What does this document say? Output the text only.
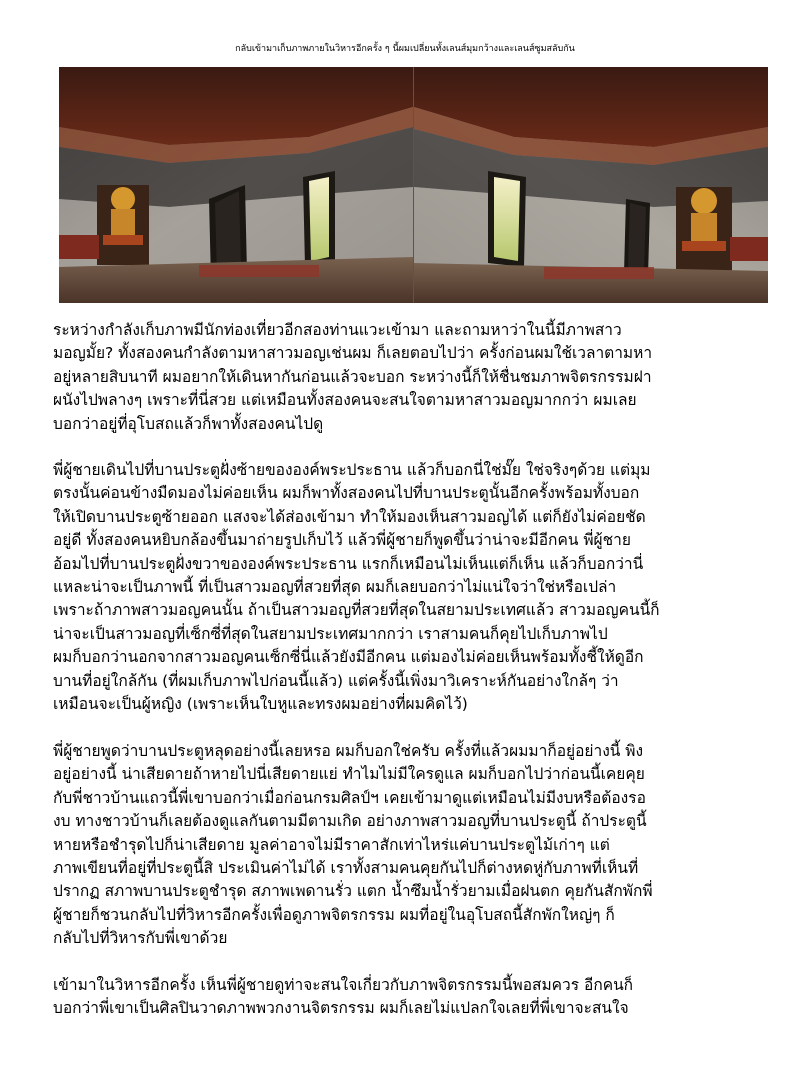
กลับเข้ามาเก็บภาพภายในวิหารอีกครั้ง ๆ นี้ผมเปลี่ยนทั้งเลนส์มุมกว้างและเลนส์ซูมสลับกัน

ระหว่างกำลังเก็บภาพมีนักท่องเที่ยวอีกสองท่านแวะเข้ามา และถามหาว่าในนี้มีภาพสาว
มอญมั้ย? ทั้งสองคนกำลังตามหาสาวมอญเช่นผม ก็เลยตอบไปว่า ครั้งก่อนผมใช้เวลาตามหา
อยู่หลายสิบนาที ผมอยากให้เดินหากันก่อนแล้วจะบอก ระหว่างนี้ก็ให้ชื่นชมภาพจิตรกรรมฝา
ผนังไปพลางๆ เพราะที่นี่สวย แต่เหมือนทั้งสองคนจะสนใจตามหาสาวมอญมากกว่า ผมเลย
บอกว่าอยู่ที่อุโบสถแล้วก็พาทั้งสองคนไปดู

พี่ผู้ชายเดินไปที่บานประตูฝั่งซ้ายขององค์พระประธาน แล้วก็บอกนี่ใช่มั๊ย ใช่จริงๆด้วย แต่มุม
ตรงนั้นค่อนข้างมืดมองไม่ค่อยเห็น ผมก็พาทั้งสองคนไปที่บานประตูนั้นอีกครั้งพร้อมทั้งบอก
ให้เปิดบานประตูซ้ายออก แสงจะได้ส่องเข้ามา ทำให้มองเห็นสาวมอญได้ แต่ก็ยังไม่ค่อยชัด
อยู่ดี ทั้งสองคนหยิบกล้องขึ้นมาถ่ายรูปเก็บไว้ แล้วพี่ผู้ชายก็พูดขึ้นว่าน่าจะมีอีกคน พี่ผู้ชาย
อ้อมไปที่บานประตูฝั่งขวาขององค์พระประธาน แรกก็เหมือนไม่เห็นแต่ก็เห็น แล้วก็บอกว่านี่
แหละน่าจะเป็นภาพนี้ ที่เป็นสาวมอญที่สวยที่สุด ผมก็เลยบอกว่าไม่แน่ใจว่าใช่หรือเปล่า
เพราะถ้าภาพสาวมอญคนนั้น ถ้าเป็นสาวมอญที่สวยที่สุดในสยามประเทศแล้ว สาวมอญคนนี้ก็
น่าจะเป็นสาวมอญที่เซ็กซี่ที่สุดในสยามประเทศมากกว่า เราสามคนก็คุยไปเก็บภาพไป
ผมก็บอกว่านอกจากสาวมอญคนเซ็กซี่นี่แล้วยังมีอีกคน แต่มองไม่ค่อยเห็นพร้อมทั้งชี้ให้ดูอีก
บานที่อยู่ใกล้กัน (ที่ผมเก็บภาพไปก่อนนี้แล้ว) แต่ครั้งนี้เพิ่งมาวิเคราะห์กันอย่างใกล้ๆ ว่า
เหมือนจะเป็นผู้หญิง (เพราะเห็นใบหูและทรงผมอย่างที่ผมคิดไว้)

พี่ผู้ชายพูดว่าบานประตูหลุดอย่างนี้เลยหรอ ผมก็บอกใช่ครับ ครั้งที่แล้วผมมาก็อยู่อย่างนี้ พิง
อยู่อย่างนี้ น่าเสียดายถ้าหายไปนี่เสียดายแย่ ทำไมไม่มีใครดูแล ผมก็บอกไปว่าก่อนนี้เคยคุย
กับพี่ชาวบ้านแถวนี้พี่เขาบอกว่าเมื่อก่อนกรมศิลป์ฯ เคยเข้ามาดูแต่เหมือนไม่มีงบหรือต้องรอ
งบ ทางชาวบ้านก็เลยต้องดูแลกันตามมีตามเกิด อย่างภาพสาวมอญที่บานประตูนี้ ถ้าประตูนี้
หายหรือชำรุดไปก็น่าเสียดาย มูลค่าอาจไม่มีราคาสักเท่าไหร่แค่บานประตูไม้เก่าๆ แต่
ภาพเขียนที่อยู่ที่ประตูนี้สิ ประเมินค่าไม่ได้ เราทั้งสามคนคุยกันไปก็ต่างหดหู่กับภาพที่เห็นที่
ปรากฏ สภาพบานประตูชำรุด สภาพเพดานรั่ว แตก น้ำซึมน้ำรั่วยามเมื่อฝนตก คุยกันสักพักพี่
ผู้ชายก็ชวนกลับไปที่วิหารอีกครั้งเพื่อดูภาพจิตรกรรม ผมที่อยู่ในอุโบสถนี้สักพักใหญ่ๆ ก็
กลับไปที่วิหารกับพี่เขาด้วย

เข้ามาในวิหารอีกครั้ง เห็นพี่ผู้ชายดูท่าจะสนใจเกี่ยวกับภาพจิตรกรรมนี้พอสมควร อีกคนก็
บอกว่าพี่เขาเป็นศิลปินวาดภาพพวกงานจิตรกรรม ผมก็เลยไม่แปลกใจเลยที่พี่เขาจะสนใจ
